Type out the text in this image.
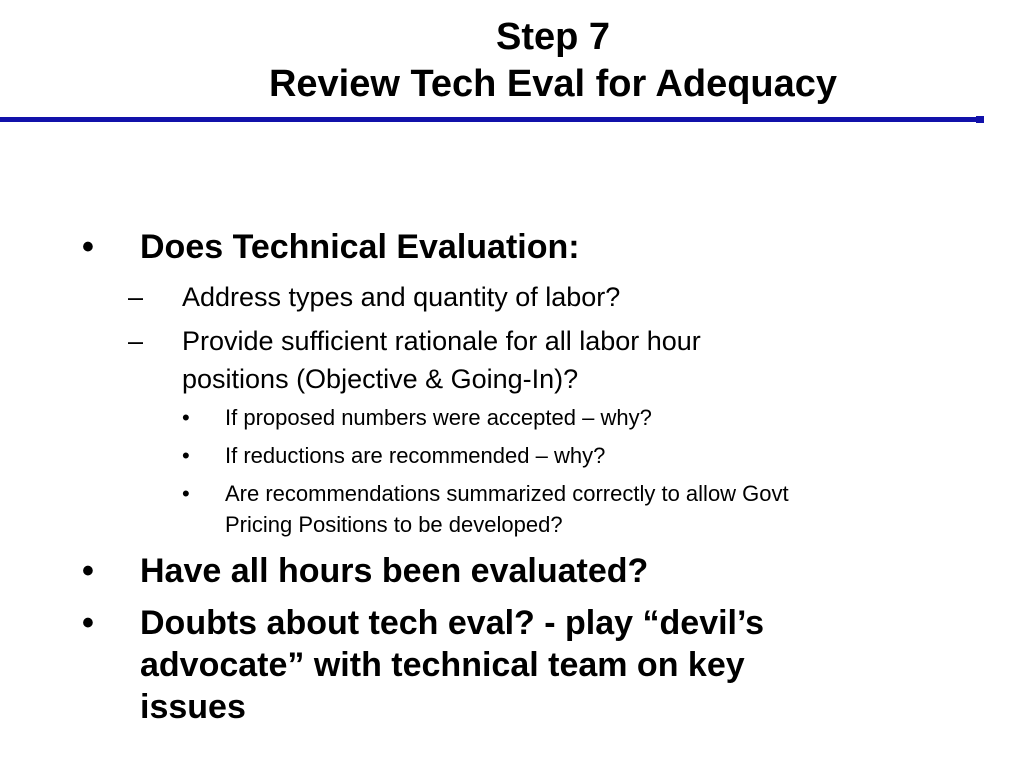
Step 7
Review Tech Eval for Adequacy
• Does Technical Evaluation:
– Address types and quantity of labor?
– Provide sufficient rationale for all labor hour
positions (Objective & Going-In)?
• If proposed numbers were accepted – why?
• If reductions are recommended – why?
• Are recommendations summarized correctly to allow Govt
Pricing Positions to be developed?
• Have all hours been evaluated?
• Doubts about tech eval? - play “devil’s
advocate” with technical team on key
issues
